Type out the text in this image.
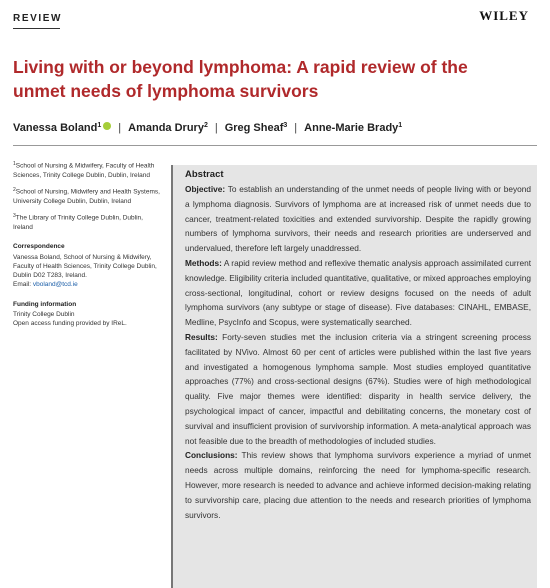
REVIEW	WILEY
Living with or beyond lymphoma: A rapid review of the unmet needs of lymphoma survivors
Vanessa Boland$^1$ | Amanda Drury$^2$ | Greg Sheaf$^3$ | Anne-Marie Brady$^1$

$^1$School of Nursing & Midwifery, Faculty of Health Sciences, Trinity College Dublin, Dublin, Ireland

$^2$School of Nursing, Midwifery and Health Systems, University College Dublin, Dublin, Ireland

$^3$The Library of Trinity College Dublin, Dublin, Ireland

Correspondence

Vanessa Boland, School of Nursing & Midwifery, Faculty of Health Sciences, Trinity College Dublin, Dublin D02 T283, Ireland.
Email: vboland@tcd.ie

Funding information

Trinity College Dublin
Open access funding provided by IReL.

Abstract

Objective: To establish an understanding of the unmet needs of people living with or beyond a lymphoma diagnosis. Survivors of lymphoma are at increased risk of unmet needs due to cancer, treatment-related toxicities and extended survivorship. Despite the rapidly growing numbers of lymphoma survivors, their needs and research priorities are underserved and undervalued, therefore left largely unaddressed.

Methods: A rapid review method and reflexive thematic analysis approach assimilated current knowledge. Eligibility criteria included quantitative, qualitative, or mixed approaches employing cross-sectional, longitudinal, cohort or review designs focused on the needs of adult lymphoma survivors (any subtype or stage of disease). Five databases: CINAHL, EMBASE, Medline, PsycInfo and Scopus, were systematically searched.

Results: Forty-seven studies met the inclusion criteria via a stringent screening process facilitated by NVivo. Almost 60 per cent of articles were published within the last five years and investigated a homogenous lymphoma sample. Most studies employed quantitative approaches (77%) and cross-sectional designs (67%). Studies were of high methodological quality. Five major themes were identified: disparity in health service delivery, the psychological impact of cancer, impactful and debilitating concerns, the monetary cost of survival and insufficient provision of survivorship information. A meta-analytical approach was not feasible due to the breadth of methodologies of included studies.

Conclusions: This review shows that lymphoma survivors experience a myriad of unmet needs across multiple domains, reinforcing the need for lymphoma-specific research. However, more research is needed to advance and achieve informed decision-making relating to survivorship care, placing due attention to the needs and research priorities of lymphoma survivors.
